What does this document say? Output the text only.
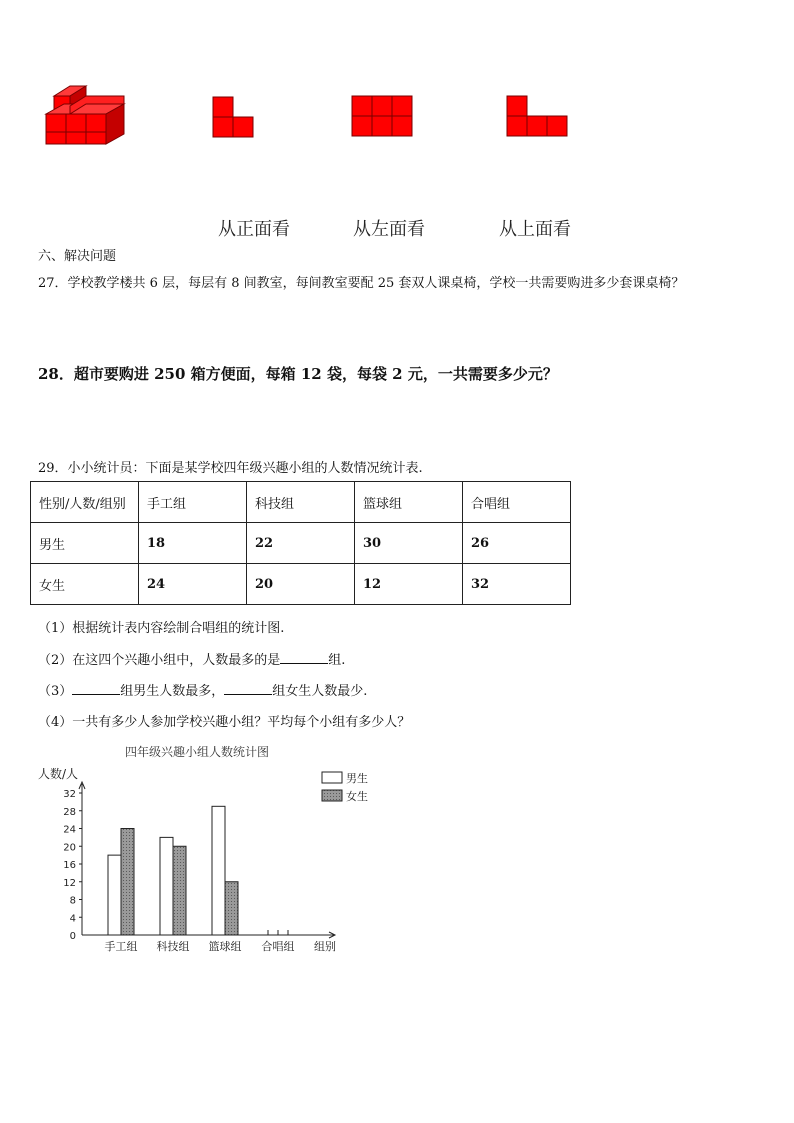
从正面看	从左面看	从上面看
六、解决问题
27．学校教学楼共 6 层，每层有 8 间教室，每间教室要配 25 套双人课桌椅，学校一共需要购进多少套课桌椅？
28．超市要购进 250 箱方便面，每箱 12 袋，每袋 2 元，一共需要多少元？
29．小小统计员：下面是某学校四年级兴趣小组的人数情况统计表.
性别/人数/组别	手工组	科技组	篮球组	合唱组
男生	18	22	30	26
女生	24	20	12	32
（1）根据统计表内容绘制合唱组的统计图.
（2）在这四个兴趣小组中，人数最多的是	组.
（3）	组男生人数最多，	组女生人数最少.
（4）一共有多少人参加学校兴趣小组？平均每个小组有多少人？
四年级兴趣小组人数统计图
人数/人
0
4
8
12
16
20
24
28
32
手工组 科技组 篮球组 合唱组 组别
男生
女生
